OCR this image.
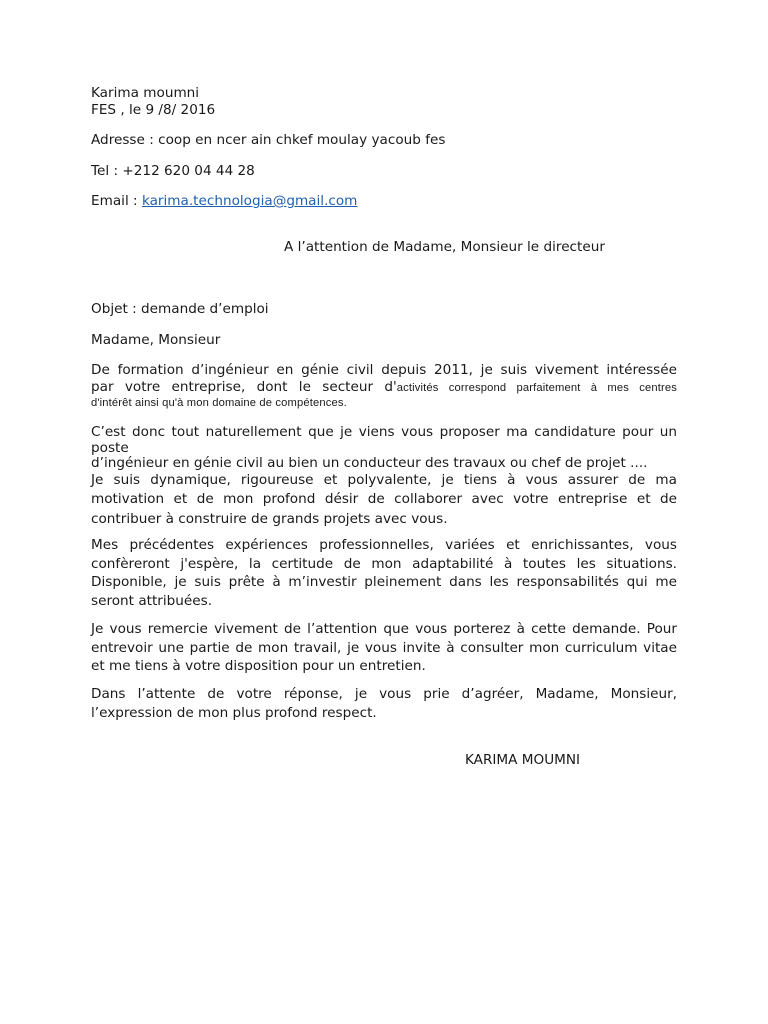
Karima moumni
FES , le 9 /8/ 2016
Adresse : coop en ncer ain chkef moulay yacoub fes
Tel : +212 620 04 44 28
Email : karima.technologia@gmail.com
A l’attention de Madame, Monsieur le directeur
Objet : demande d’emploi
Madame, Monsieur
De formation d’ingénieur en génie civil depuis 2011, je suis vivement intéressée
par votre entreprise, dont le secteur d'activités correspond parfaitement à mes centres
d'intérêt ainsi qu'à mon domaine de compétences.
C’est donc tout naturellement que je viens vous proposer ma candidature pour un
poste
d’ingénieur en génie civil au bien un conducteur des travaux ou chef de projet ....
Je suis dynamique, rigoureuse et polyvalente, je tiens à vous assurer de ma motivation et de mon profond désir de collaborer avec votre entreprise et de contribuer à construire de grands projets avec vous.
Mes précédentes expériences professionnelles, variées et enrichissantes, vous confèreront j'espère, la certitude de mon adaptabilité à toutes les situations. Disponible, je suis prête à m’investir pleinement dans les responsabilités qui me seront attribuées.
Je vous remercie vivement de l’attention que vous porterez à cette demande. Pour entrevoir une partie de mon travail, je vous invite à consulter mon curriculum vitae et me tiens à votre disposition pour un entretien.
Dans l’attente de votre réponse, je vous prie d’agréer, Madame, Monsieur, l’expression de mon plus profond respect.
KARIMA MOUMNI
